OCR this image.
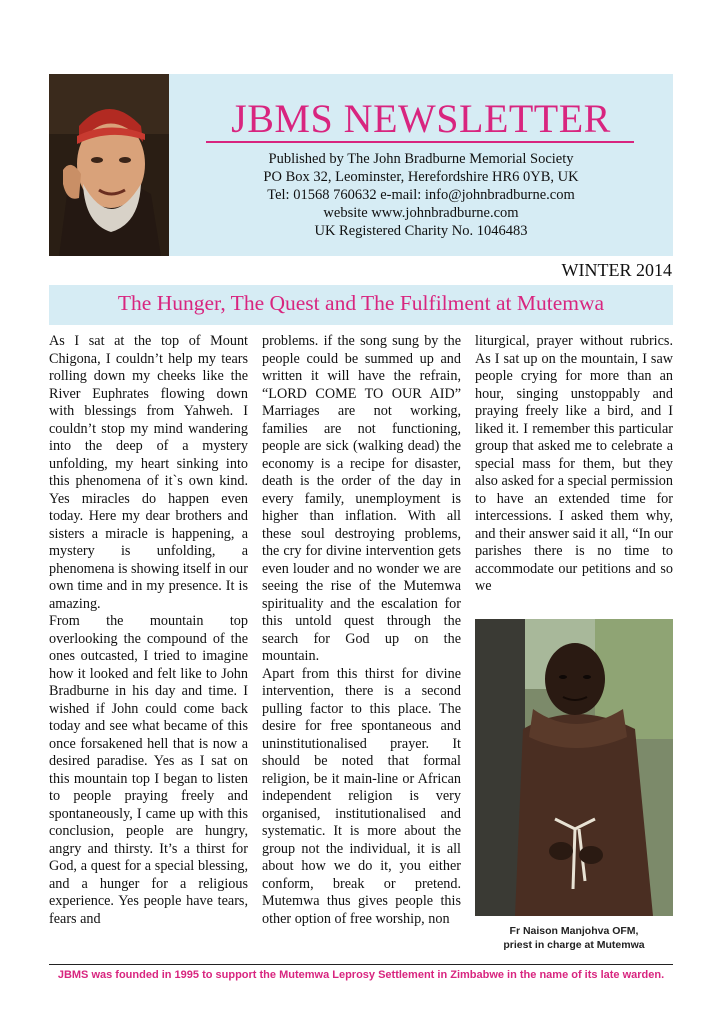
JBMS NEWSLETTER
Published by The John Bradburne Memorial Society
PO Box 32, Leominster, Herefordshire HR6 0YB, UK
Tel: 01568 760632 e-mail: info@johnbradburne.com
website www.johnbradburne.com
UK Registered Charity No. 1046483
WINTER 2014
The Hunger, The Quest and The Fulfilment at Mutemwa

As I sat at the top of Mount Chigona, I couldn’t help my tears rolling down my cheeks like the River Euphrates flowing down with blessings from Yahweh. I couldn’t stop my mind wandering into the deep of a mystery unfolding, my heart sinking into this phenomena of it`s own kind. Yes miracles do happen even today. Here my dear brothers and sisters a miracle is happening, a mystery is unfolding, a phenomena is showing itself in our own time and in my presence. It is amazing.

From the mountain top overlooking the compound of the ones outcasted, I tried to imagine how it looked and felt like to John Bradburne in his day and time. I wished if John could come back today and see what became of this once forsakened hell that is now a desired paradise. Yes as I sat on this mountain top I began to listen to people praying freely and spontaneously, I came up with this conclusion, people are hungry, angry and thirsty. It’s a thirst for God, a quest for a special blessing, and a hunger for a religious experience. Yes people have tears, fears and

problems. if the song sung by the people could be summed up and written it will have the refrain, “LORD COME TO OUR AID” Marriages are not working, families are not functioning, people are sick (walking dead) the economy is a recipe for disaster, death is the order of the day in every family, unemployment is higher than inflation. With all these soul destroying problems, the cry for divine intervention gets even louder and no wonder we are seeing the rise of the Mutemwa spirituality and the escalation for this untold quest through the search for God up on the mountain.

Apart from this thirst for divine intervention, there is a second pulling factor to this place. The desire for free spontaneous and uninstitutionalised prayer. It should be noted that formal religion, be it main-line or African independent religion is very organised, institutionalised and systematic. It is more about the group not the individual, it is all about how we do it, you either conform, break or pretend. Mutemwa thus gives people this other option of free worship, non

liturgical, prayer without rubrics. As I sat up on the mountain, I saw people crying for more than an hour, singing unstoppably and praying freely like a bird, and I liked it. I remember this particular group that asked me to celebrate a special mass for them, but they also asked for a special permission to have an extended time for intercessions. I asked them why, and their answer said it all, “In our parishes there is no time to accommodate our petitions and so we

Fr Naison Manjohva OFM,
priest in charge at Mutemwa
JBMS was founded in 1995 to support the Mutemwa Leprosy Settlement in Zimbabwe in the name of its late warden.
